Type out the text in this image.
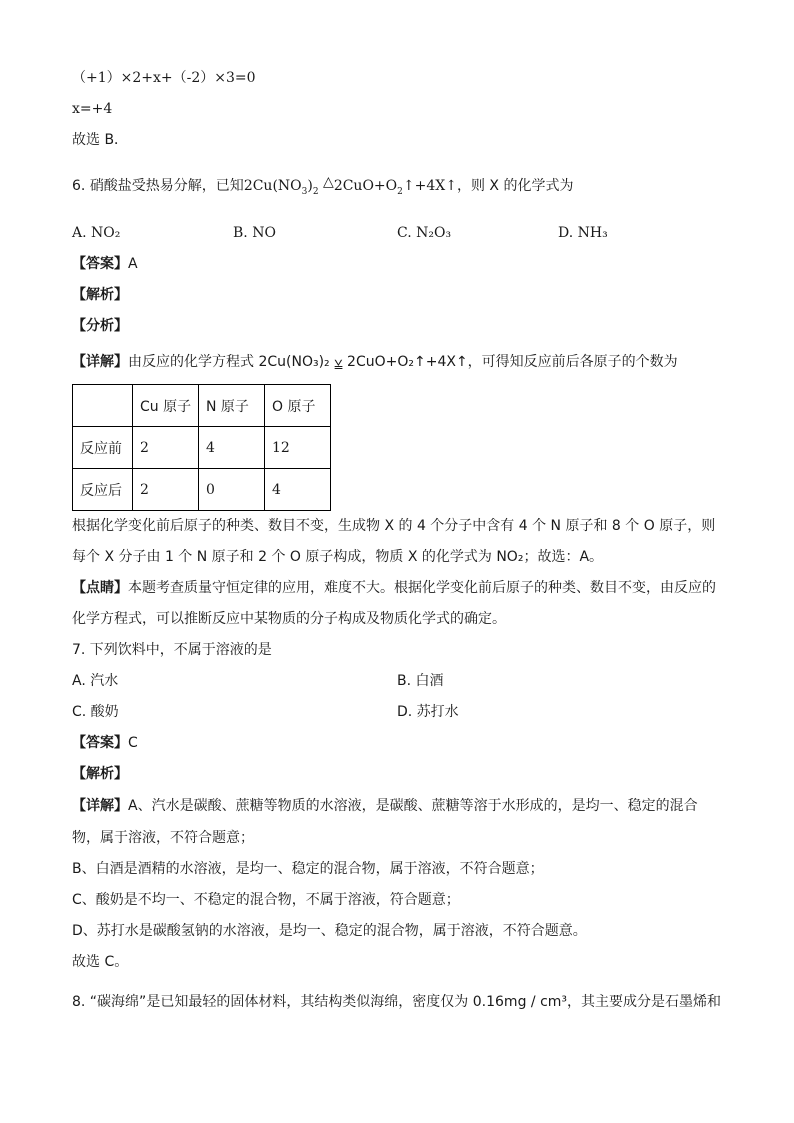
（+1）×2+x+（-2）×3=0
x=+4
故选 B．
6. 硝酸盐受热易分解，已知$2Cu(NO_3)_2$ $\triangle 2CuO+O_2↑+4X↑$，则 X 的化学式为
A. NO₂	B. NO	C. N₂O₃	D. NH₃
【答案】A
【解析】
【分析】
【详解】由反应的化学方程式 2Cu(NO₃)₂ ⩣ 2CuO+O₂↑+4X↑，可得知反应前后各原子的个数为
	Cu 原子	N 原子	O 原子
反应前	2	4	12
反应后	2	0	4
根据化学变化前后原子的种类、数目不变，生成物 X 的 4 个分子中含有 4 个 N 原子和 8 个 O 原子，则
每个 X 分子由 1 个 N 原子和 2 个 O 原子构成，物质 X 的化学式为 NO₂；故选：A。
【点睛】本题考查质量守恒定律的应用，难度不大。根据化学变化前后原子的种类、数目不变，由反应的
化学方程式，可以推断反应中某物质的分子构成及物质化学式的确定。
7. 下列饮料中，不属于溶液的是
A. 汽水	B. 白酒
C. 酸奶	D. 苏打水
【答案】C
【解析】
【详解】A、汽水是碳酸、蔗糖等物质的水溶液，是碳酸、蔗糖等溶于水形成的，是均一、稳定的混合
物，属于溶液，不符合题意；
B、白酒是酒精的水溶液，是均一、稳定的混合物，属于溶液，不符合题意；
C、酸奶是不均一、不稳定的混合物，不属于溶液，符合题意；
D、苏打水是碳酸氢钠的水溶液，是均一、稳定的混合物，属于溶液，不符合题意。
故选 C。
8. “碳海绵”是已知最轻的固体材料，其结构类似海绵，密度仅为 0.16mg / cm³，其主要成分是石墨烯和
